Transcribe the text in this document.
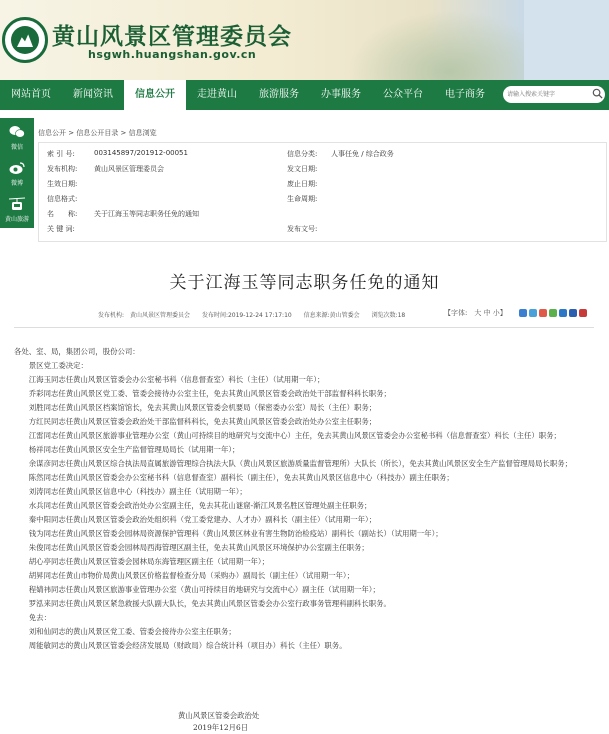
黄山风景区管理委员会
hsgwh.huangshan.gov.cn
网站首页	新闻资讯	信息公开	走进黄山	旅游服务	办事服务	公众平台	电子商务
请输入搜索关键字
微信
微博
黄山旅游
信息公开 > 信息公开目录 > 信息浏览
索 引 号:	003145897/201912-00051	信息分类: 人事任免 / 综合政务
发布机构: 黄山风景区管理委员会	发文日期:
生效日期:	废止日期:
信息格式:	生命周期:
名　　称: 关于江海玉等同志职务任免的通知
关 键 词:	发布文号:
关于江海玉等同志职务任免的通知
发布机构:　黄山风景区管理委员会 发布时间:2019-12-24 17:17:10 信息来源:黄山管委会 浏览次数:18	【字体:　大 中 小】
各处、室、局，集团公司，股份公司：
　　景区党工委决定：
　　江海玉同志任黄山风景区管委会办公室秘书科（信息督查室）科长（主任）（试用期一年）；
　　乔彩同志任黄山风景区党工委、管委会接待办公室主任，免去其黄山风景区管委会政治处干部监督科科长职务；
　　刘胜同志任黄山风景区档案馆馆长，免去其黄山风景区管委会机要局（保密委办公室）局长（主任）职务；
　　方红民同志任黄山风景区管委会政治处干部监督科科长，免去其黄山风景区管委会政治处办公室主任职务；
　　江雷同志任黄山风景区旅游事业管理办公室（黄山可持续目的地研究与交流中心）主任，免去其黄山风景区管委会办公室秘书科（信息督查室）科长（主任）职务；
　　杨祥同志任黄山风景区安全生产监督管理局局长（试用期一年）；
　　余谋彦同志任黄山风景区综合执法局直属旅游管理综合执法大队（黄山风景区旅游质量监督管理所）大队长（所长），免去其黄山风景区安全生产监督管理局局长职务；
　　陈然同志任黄山风景区管委会办公室秘书科（信息督查室）副科长（副主任），免去其黄山风景区信息中心（科技办）副主任职务；
　　刘涛同志任黄山风景区信息中心（科技办）副主任（试用期一年）；
　　水兵同志任黄山风景区管委会政治处办公室副主任，免去其花山谜窟-渐江风景名胜区管理处副主任职务；
　　秦中阳同志任黄山风景区管委会政治处组织科（党工委党建办、人才办）副科长（副主任）（试用期一年）；
　　钱为同志任黄山风景区管委会园林局资源保护管理科（黄山风景区林业有害生物防治检疫站）副科长（副站长）（试用期一年）；
　　朱俊同志任黄山风景区管委会园林局西海管理区副主任，免去其黄山风景区环境保护办公室副主任职务；
　　胡心亭同志任黄山风景区管委会园林局东海管理区副主任（试用期一年）；
　　胡昇同志任黄山市物价局黄山风景区价格监督检查分局（采购办）副局长（副主任）（试用期一年）；
　　程婧祎同志任黄山风景区旅游事业管理办公室（黄山可持续目的地研究与交流中心）副主任（试用期一年）；
　　罗泓来同志任黄山风景区紧急救援大队副大队长，免去其黄山风景区管委会办公室行政事务管理科副科长职务。
　　免去：
　　刘和仙同志的黄山风景区党工委、管委会接待办公室主任职务；
　　周能敏同志的黄山风景区管委会经济发展局（财政局）综合统计科（项目办）科长（主任）职务。
黄山风景区管委会政治处
2019年12月6日
